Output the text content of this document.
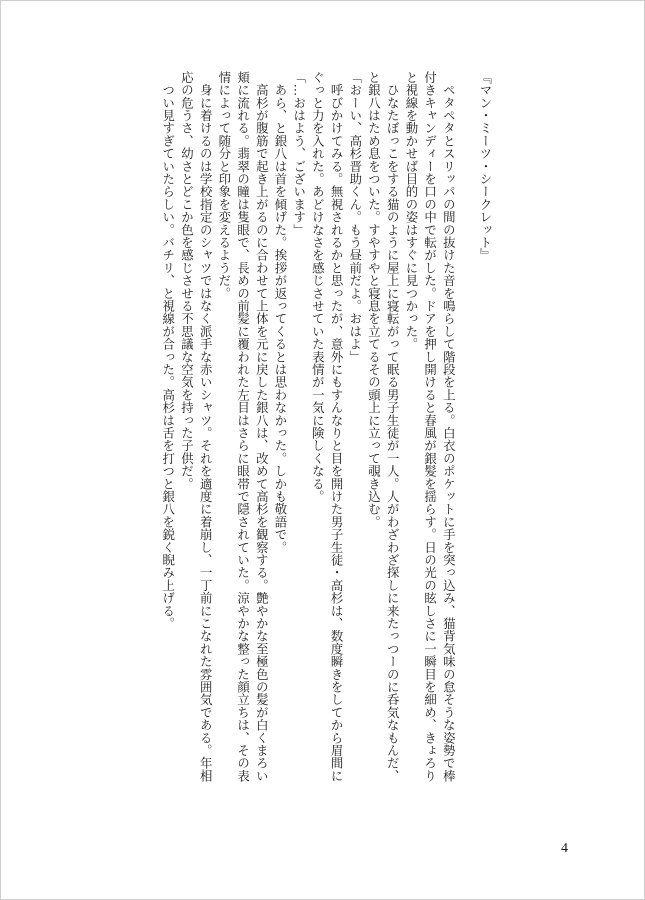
『マン・ミーツ・シークレット』
　ペタペタとスリッパの間の抜けた音を鳴らして階段を上る。白衣のポケットに手を突っ込み、猫背気味の怠そうな姿勢で棒
付きキャンディーを口の中で転がした。ドアを押し開けると春風が銀髪を揺らす。日の光の眩しさに一瞬目を細め、きょろり
と視線を動かせば目的の姿はすぐに見つかった。
　ひなたぼっこをする猫のように屋上に寝転がって眠る男子生徒が一人。人がわざわざ探しに来たっつーのに呑気なもんだ、
と銀八はため息をついた。すやすやと寝息を立てるその頭上に立って覗き込む。
「おーい、高杉晋助くん。もう昼前だよ。おはよ」
　呼びかけてみる。無視されるかと思ったが、意外にもすんなりと目を開けた男子生徒・高杉は、数度瞬きをしてから眉間に
ぐっと力を入れた。あどけなさを感じさせていた表情が一気に険しくなる。
「…おはよう、ございます」
　あら、と銀八は首を傾げた。挨拶が返ってくるとは思わなかった。しかも敬語で。
　高杉が腹筋で起き上がるのに合わせて上体を元に戻した銀八は、改めて高杉を観察する。艶やかな至極色の髪が白くまろい
頬に流れる。翡翠の瞳は隻眼で、長めの前髪に覆われた左目はさらに眼帯で隠されていた。涼やかな整った顔立ちは、その表
情によって随分と印象を変えるようだ。
　身に着けるのは学校指定のシャツではなく派手な赤いシャツ。それを適度に着崩し、一丁前にこなれた雰囲気である。年相
応の危うさ、幼さとどこか色を感じさせる不思議な空気を持った子供だ。
　つい見すぎていたらしい。バチリ、と視線が合った。高杉は舌を打つと銀八を鋭く睨み上げる。
4
